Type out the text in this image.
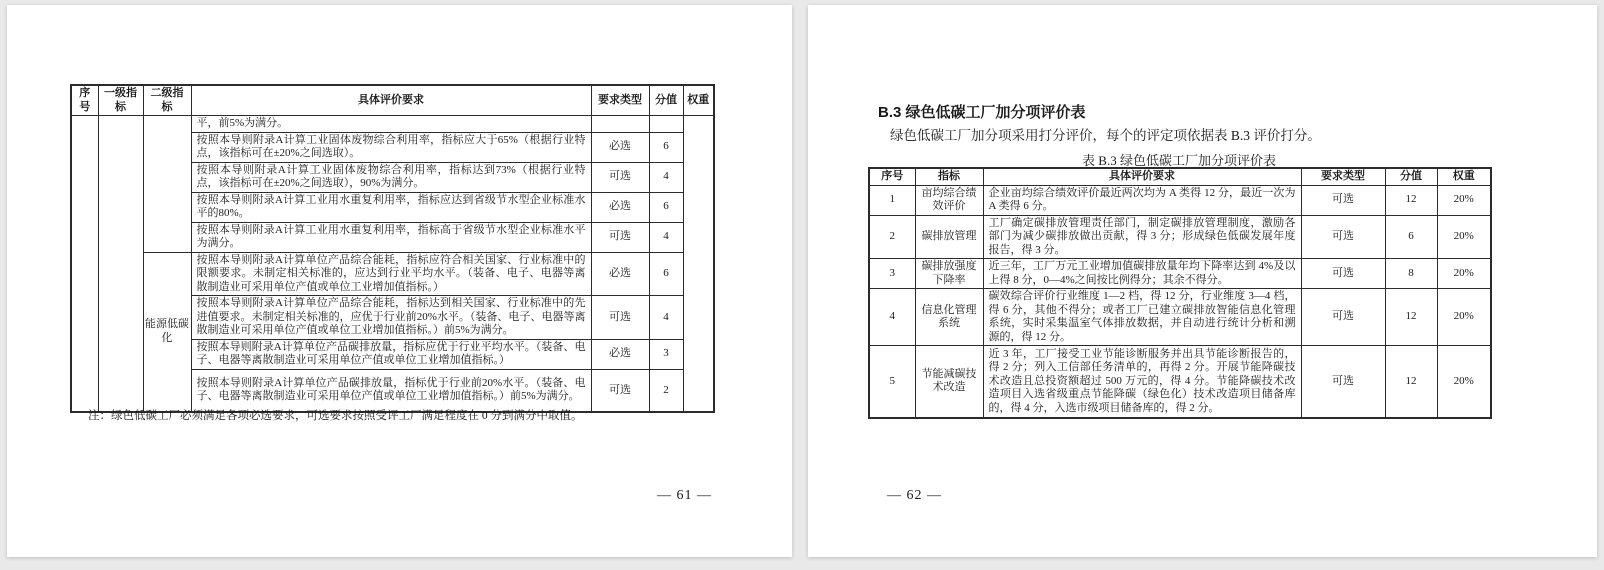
序号	一级指标	二级指标	具体评价要求	要求类型	分值	权重
			平，前5%为满分。			
			按照本导则附录A计算工业固体废物综合利用率，指标应大于65%（根据行业特点，该指标可在±20%之间选取）。	必选	6	
			按照本导则附录A计算工业固体废物综合利用率，指标达到73%（根据行业特点，该指标可在±20%之间选取），90%为满分。	可选	4	
			按照本导则附录A计算工业用水重复利用率，指标应达到省级节水型企业标准水平的80%。	必选	6	
			按照本导则附录A计算工业用水重复利用率，指标高于省级节水型企业标准水平为满分。	可选	4	
		能源低碳化	按照本导则附录A计算单位产品综合能耗，指标应符合相关国家、行业标准中的限额要求。未制定相关标准的，应达到行业平均水平。（装备、电子、电器等离散制造业可采用单位产值或单位工业增加值指标。）	必选	6	
			按照本导则附录A计算单位产品综合能耗，指标达到相关国家、行业标准中的先进值要求。未制定相关标准的，应优于行业前20%水平。（装备、电子、电器等离散制造业可采用单位产值或单位工业增加值指标。）前5%为满分。	可选	4	
			按照本导则附录A计算单位产品碳排放量，指标应优于行业平均水平。（装备、电子、电器等离散制造业可采用单位产值或单位工业增加值指标。）	必选	3	
			按照本导则附录A计算单位产品碳排放量，指标优于行业前20%水平。（装备、电子、电器等离散制造业可采用单位产值或单位工业增加值指标。）前5%为满分。	可选	2	
注：绿色低碳工厂必须满足各项必选要求，可选要求按照受评工厂满足程度在 0 分到满分中取值。
— 61 —
B.3 绿色低碳工厂加分项评价表
绿色低碳工厂加分项采用打分评价，每个的评定项依据表 B.3 评价打分。
表 B.3 绿色低碳工厂加分项评价表
序号	指标	具体评价要求	要求类型	分值	权重
1	亩均综合绩效评价	企业亩均综合绩效评价最近两次均为 A 类得 12 分，最近一次为 A 类得 6 分。	可选	12	20%
2	碳排放管理	工厂确定碳排放管理责任部门，制定碳排放管理制度，激励各部门为减少碳排放做出贡献，得 3 分；形成绿色低碳发展年度报告，得 3 分。	可选	6	20%
3	碳排放强度下降率	近三年，工厂万元工业增加值碳排放量年均下降率达到 4%及以上得 8 分，0—4%之间按比例得分；其余不得分。	可选	8	20%
4	信息化管理系统	碳效综合评价行业维度 1—2 档，得 12 分，行业维度 3—4 档，得 6 分，其他不得分；或者工厂已建立碳排放智能信息化管理系统，实时采集温室气体排放数据，并自动进行统计分析和溯源的，得 12 分。	可选	12	20%
5	节能减碳技术改造	近 3 年，工厂接受工业节能诊断服务并出具节能诊断报告的，得 2 分；列入工信部任务清单的，再得 2 分。开展节能降碳技术改造且总投资额超过 500 万元的，得 4 分。节能降碳技术改造项目入选省级重点节能降碳（绿色化）技术改造项目储备库的，得 4 分，入选市级项目储备库的，得 2 分。	可选	12	20%
— 62 —
